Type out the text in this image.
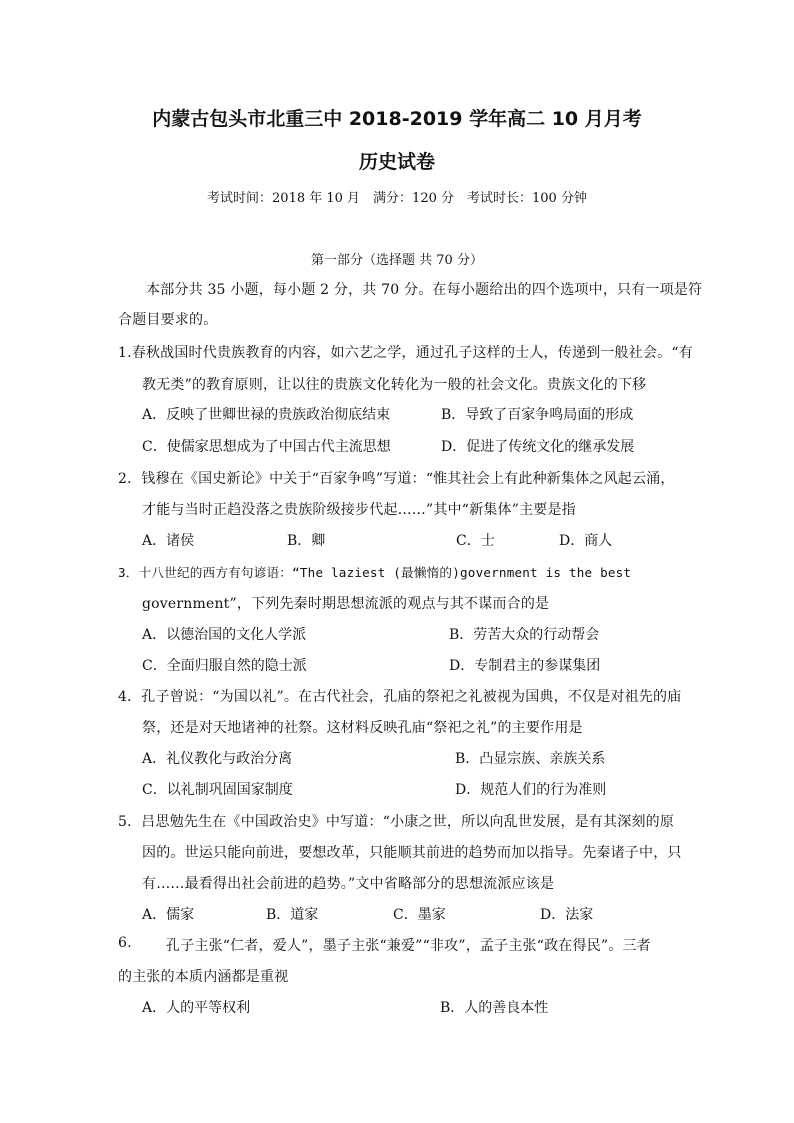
内蒙古包头市北重三中 2018-2019 学年高二 10 月月考
历史试卷
考试时间：2018 年 10 月　满分：120 分　考试时长：100 分钟
第一部分（选择题 共 70 分）
本部分共 35 小题，每小题 2 分，共 70 分。在每小题给出的四个选项中，只有一项是符
合题目要求的。
1.春秋战国时代贵族教育的内容，如六艺之学，通过孔子这样的士人，传递到一般社会。“有
教无类”的教育原则，让以往的贵族文化转化为一般的社会文化。贵族文化的下移
A．反映了世卿世禄的贵族政治彻底结束	B．导致了百家争鸣局面的形成
C．使儒家思想成为了中国古代主流思想	D．促进了传统文化的继承发展
2．钱穆在《国史新论》中关于“百家争鸣”写道：“惟其社会上有此种新集体之风起云涌，
才能与当时正趋没落之贵族阶级接步代起……”其中“新集体”主要是指
A．诸侯	B．卿	C．士	D．商人
3．十八世纪的西方有句谚语：“The laziest (最懒惰的)government is the best
government”，下列先秦时期思想流派的观点与其不谋而合的是
A．以德治国的文化人学派	B．劳苦大众的行动帮会
C．全面归服自然的隐士派	D．专制君主的参谋集团
4．孔子曾说：“为国以礼”。在古代社会，孔庙的祭祀之礼被视为国典，不仅是对祖先的庙
祭，还是对天地诸神的社祭。这材料反映孔庙“祭祀之礼”的主要作用是
A．礼仪教化与政治分离	B．凸显宗族、亲族关系
C．以礼制巩固国家制度	D．规范人们的行为准则
5．吕思勉先生在《中国政治史》中写道：“小康之世，所以向乱世发展，是有其深刻的原
因的。世运只能向前进，要想改革，只能顺其前进的趋势而加以指导。先秦诸子中，只
有……最看得出社会前进的趋势。”文中省略部分的思想流派应该是
A．儒家	B．道家	C．墨家	D．法家
6. 孔子主张“仁者，爱人”，墨子主张“兼爱”“非攻”，孟子主张“政在得民”。三者
的主张的本质内涵都是重视
A．人的平等权利	B．人的善良本性
